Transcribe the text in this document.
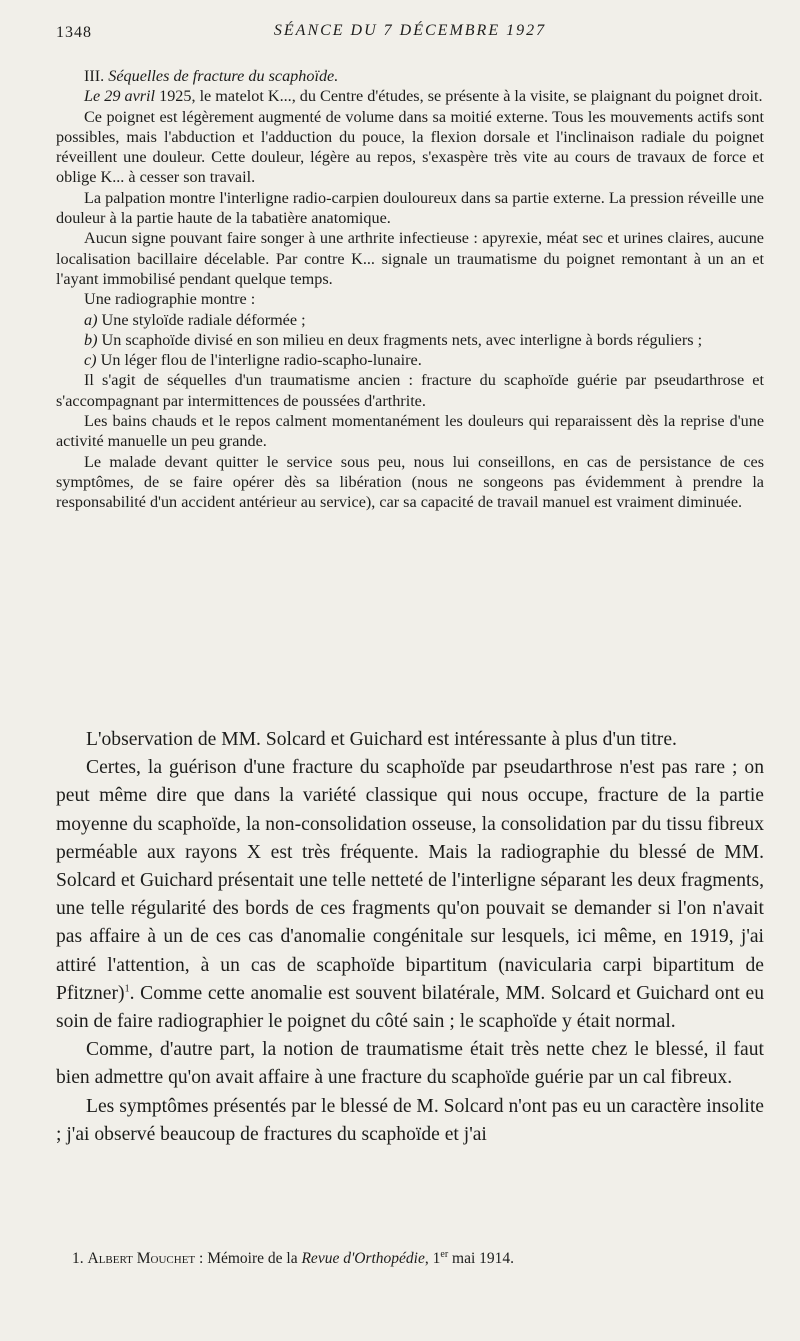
1348	SÉANCE DU 7 DÉCEMBRE 1927

III. Séquelles de fracture du scaphoïde.

Le 29 avril 1925, le matelot K..., du Centre d'études, se présente à la visite, se plaignant du poignet droit.

Ce poignet est légèrement augmenté de volume dans sa moitié externe. Tous les mouvements actifs sont possibles, mais l'abduction et l'adduction du pouce, la flexion dorsale et l'inclinaison radiale du poignet réveillent une douleur. Cette douleur, légère au repos, s'exaspère très vite au cours de travaux de force et oblige K... à cesser son travail.

La palpation montre l'interligne radio-carpien douloureux dans sa partie externe. La pression réveille une douleur à la partie haute de la tabatière anatomique.

Aucun signe pouvant faire songer à une arthrite infectieuse : apyrexie, méat sec et urines claires, aucune localisation bacillaire décelable. Par contre K... signale un traumatisme du poignet remontant à un an et l'ayant immobilisé pendant quelque temps.

Une radiographie montre :

a) Une styloïde radiale déformée ;

b) Un scaphoïde divisé en son milieu en deux fragments nets, avec interligne à bords réguliers ;

c) Un léger flou de l'interligne radio-scapho-lunaire.

Il s'agit de séquelles d'un traumatisme ancien : fracture du scaphoïde guérie par pseudarthrose et s'accompagnant par intermittences de poussées d'arthrite.

Les bains chauds et le repos calment momentanément les douleurs qui reparaissent dès la reprise d'une activité manuelle un peu grande.

Le malade devant quitter le service sous peu, nous lui conseillons, en cas de persistance de ces symptômes, de se faire opérer dès sa libération (nous ne songeons pas évidemment à prendre la responsabilité d'un accident antérieur au service), car sa capacité de travail manuel est vraiment diminuée.

L'observation de MM. Solcard et Guichard est intéressante à plus d'un titre.

Certes, la guérison d'une fracture du scaphoïde par pseudarthrose n'est pas rare ; on peut même dire que dans la variété classique qui nous occupe, fracture de la partie moyenne du scaphoïde, la non-consolidation osseuse, la consolidation par du tissu fibreux perméable aux rayons X est très fréquente. Mais la radiographie du blessé de MM. Solcard et Guichard présentait une telle netteté de l'interligne séparant les deux fragments, une telle régularité des bords de ces fragments qu'on pouvait se demander si l'on n'avait pas affaire à un de ces cas d'anomalie congénitale sur lesquels, ici même, en 1919, j'ai attiré l'attention, à un cas de scaphoïde bipartitum (navicularia carpi bipartitum de Pfitzner)$^1$. Comme cette anomalie est souvent bilatérale, MM. Solcard et Guichard ont eu soin de faire radiographier le poignet du côté sain ; le scaphoïde y était normal.

Comme, d'autre part, la notion de traumatisme était très nette chez le blessé, il faut bien admettre qu'on avait affaire à une fracture du scaphoïde guérie par un cal fibreux.

Les symptômes présentés par le blessé de M. Solcard n'ont pas eu un caractère insolite ; j'ai observé beaucoup de fractures du scaphoïde et j'ai

1. Albert Mouchet : Mémoire de la Revue d'Orthopédie, 1er mai 1914.
